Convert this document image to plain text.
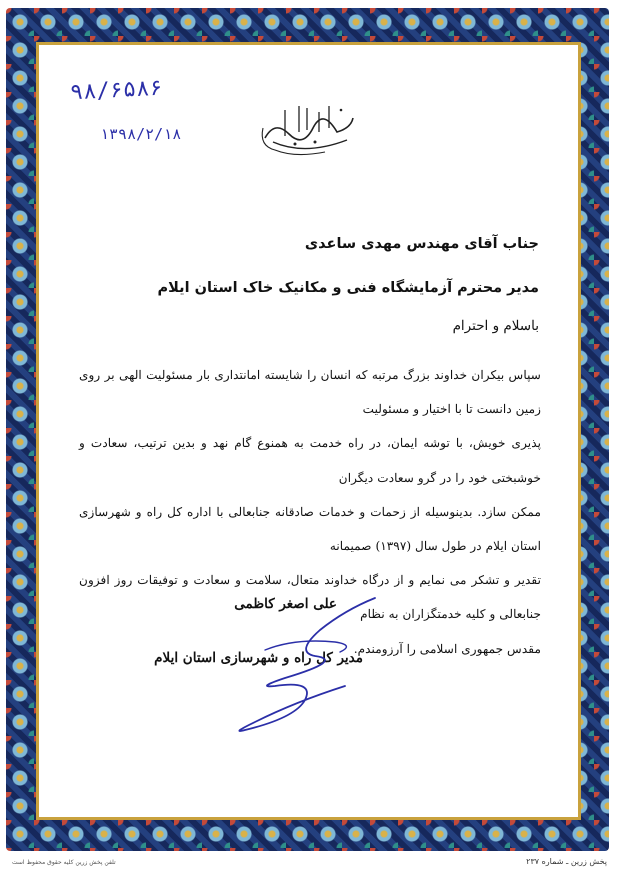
۹۸/۶۵۸۶
۱۳۹۸/۲/۱۸
جناب آقای مهندس مهدی ساعدی
مدیر محترم آزمایشگاه فنی و مکانیک خاک استان ایلام
باسلام و احترام
سپاس بیکران خداوند بزرگ مرتبه که انسان را شایسته امانتداری بار مسئولیت الهی بر روی زمین دانست تا با اختیار و مسئولیت
پذیری خویش، با توشه ایمان، در راه خدمت به همنوع گام نهد و بدین ترتیب، سعادت و خوشبختی خود را در گرو سعادت دیگران
ممکن سازد. بدینوسیله از زحمات و خدمات صادقانه جنابعالی با اداره کل راه و شهرسازی استان ایلام در طول سال (۱۳۹۷) صمیمانه
تقدیر و تشکر می نمایم و از درگاه خداوند متعال، سلامت و سعادت و توفیقات روز افزون جنابعالی و کلیه خدمتگزاران به نظام
مقدس جمهوری اسلامی را آرزومندم.
علی اصغر کاظمی
مدیر کل راه و شهرسازی استان ایلام
پخش زرین ـ شماره ۲۳۷
تلفن پخش زرین کلیه حقوق محفوظ است
